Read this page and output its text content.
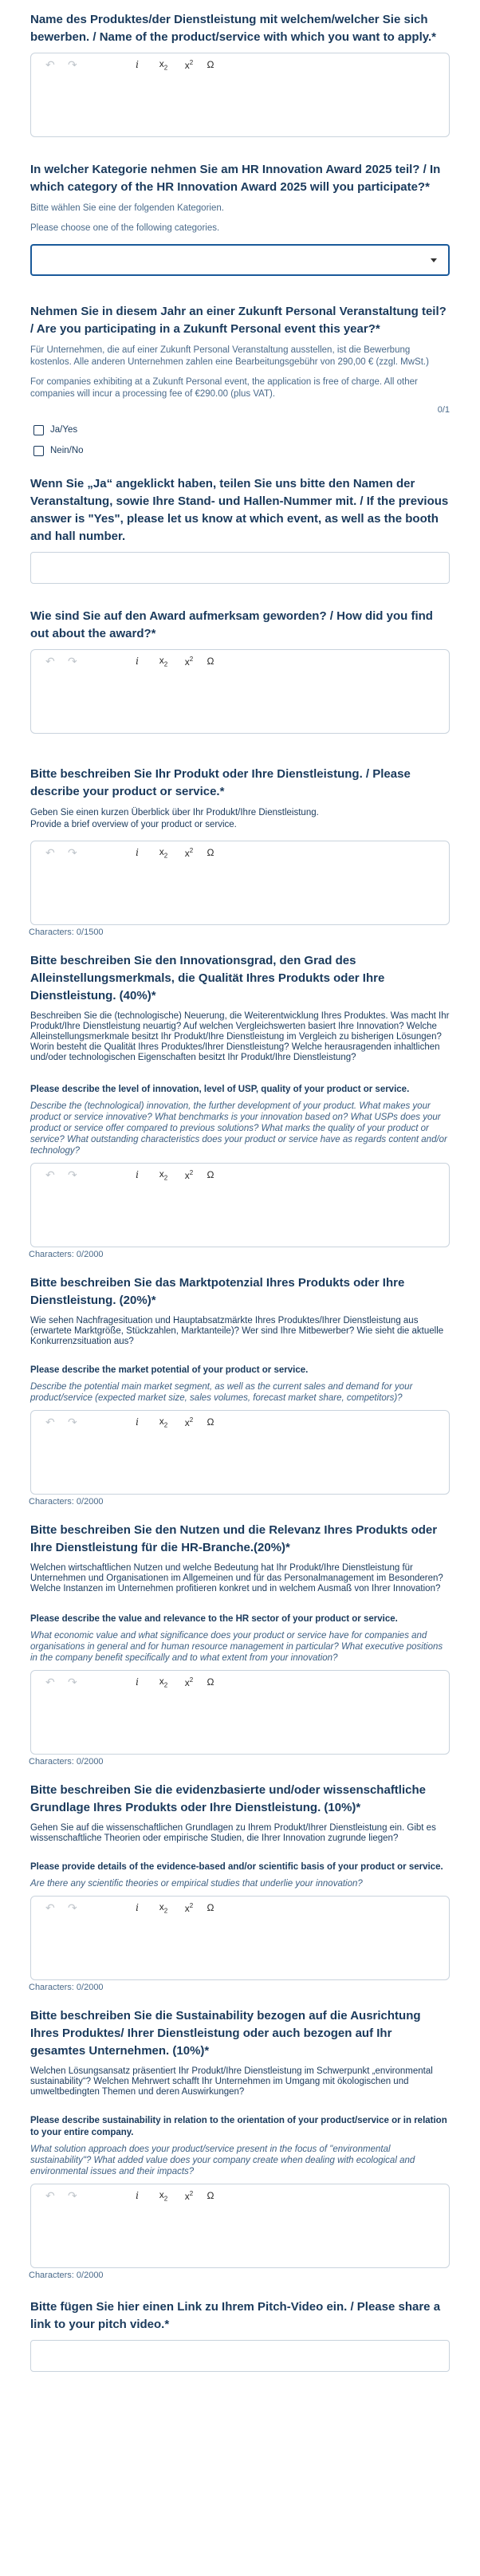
Name des Produktes/der Dienstleistung mit welchem/welcher Sie sich bewerben. / Name of the product/service with which you want to apply.*
↶	↷	i	$x_2$	$x^2$	Ω
In welcher Kategorie nehmen Sie am HR Innovation Award 2025 teil? / In which category of the HR Innovation Award 2025 will you participate?*
Bitte wählen Sie eine der folgenden Kategorien.
Please choose one of the following categories.
Nehmen Sie in diesem Jahr an einer Zukunft Personal Veranstaltung teil? / Are you participating in a Zukunft Personal event this year?*
Für Unternehmen, die auf einer Zukunft Personal Veranstaltung ausstellen, ist die Bewerbung kostenlos. Alle anderen Unternehmen zahlen eine Bearbeitungsgebühr von 290,00 € (zzgl. MwSt.)
For companies exhibiting at a Zukunft Personal event, the application is free of charge. All other companies will incur a processing fee of €290.00 (plus VAT).
0/1
Ja/Yes
Nein/No
Wenn Sie „Ja“ angeklickt haben, teilen Sie uns bitte den Namen der Veranstaltung, sowie Ihre Stand- und Hallen-Nummer mit. / If the previous answer is "Yes", please let us know at which event, as well as the booth and hall number.
Wie sind Sie auf den Award aufmerksam geworden? / How did you find out about the award?*
↶	↷	i	$x_2$	$x^2$	Ω
Bitte beschreiben Sie Ihr Produkt oder Ihre Dienstleistung. / Please describe your product or service.*
Geben Sie einen kurzen Überblick über Ihr Produkt/Ihre Dienstleistung.
Provide a brief overview of your product or service.
↶	↷	i	$x_2$	$x^2$	Ω
Characters: 0/1500
Bitte beschreiben Sie den Innovationsgrad, den Grad des Alleinstellungsmerkmals, die Qualität Ihres Produkts oder Ihre Dienstleistung. (40%)*
Beschreiben Sie die (technologische) Neuerung, die Weiterentwicklung Ihres Produktes. Was macht Ihr Produkt/Ihre Dienstleistung neuartig? Auf welchen Vergleichswerten basiert Ihre Innovation? Welche Alleinstellungsmerkmale besitzt Ihr Produkt/Ihre Dienstleistung im Vergleich zu bisherigen Lösungen? Worin besteht die Qualität Ihres Produktes/Ihrer Dienstleistung? Welche herausragenden inhaltlichen und/oder technologischen Eigenschaften besitzt Ihr Produkt/Ihre Dienstleistung?
Please describe the level of innovation, level of USP, quality of your product or service.
Describe the (technological) innovation, the further development of your product. What makes your product or service innovative? What benchmarks is your innovation based on? What USPs does your product or service offer compared to previous solutions? What marks the quality of your product or service? What outstanding characteristics does your product or service have as regards content and/or technology?
↶	↷	i	$x_2$	$x^2$	Ω
Characters: 0/2000
Bitte beschreiben Sie das Marktpotenzial Ihres Produkts oder Ihre Dienstleistung. (20%)*
Wie sehen Nachfragesituation und Hauptabsatzmärkte Ihres Produktes/Ihrer Dienstleistung aus (erwartete Marktgröße, Stückzahlen, Marktanteile)? Wer sind Ihre Mitbewerber? Wie sieht die aktuelle Konkurrenzsituation aus?
Please describe the market potential of your product or service.
Describe the potential main market segment, as well as the current sales and demand for your product/service (expected market size, sales volumes, forecast market share, competitors)?
↶	↷	i	$x_2$	$x^2$	Ω
Characters: 0/2000
Bitte beschreiben Sie den Nutzen und die Relevanz Ihres Produkts oder Ihre Dienstleistung für die HR-Branche.(20%)*
Welchen wirtschaftlichen Nutzen und welche Bedeutung hat Ihr Produkt/Ihre Dienstleistung für Unternehmen und Organisationen im Allgemeinen und für das Personalmanagement im Besonderen? Welche Instanzen im Unternehmen profitieren konkret und in welchem Ausmaß von Ihrer Innovation?
Please describe the value and relevance to the HR sector of your product or service.
What economic value and what significance does your product or service have for companies and organisations in general and for human resource management in particular? What executive positions in the company benefit specifically and to what extent from your innovation?
↶	↷	i	$x_2$	$x^2$	Ω
Characters: 0/2000
Bitte beschreiben Sie die evidenzbasierte und/oder wissenschaftliche Grundlage Ihres Produkts oder Ihre Dienstleistung. (10%)*
Gehen Sie auf die wissenschaftlichen Grundlagen zu Ihrem Produkt/Ihrer Dienstleistung ein. Gibt es wissenschaftliche Theorien oder empirische Studien, die Ihrer Innovation zugrunde liegen?
Please provide details of the evidence-based and/or scientific basis of your product or service.
Are there any scientific theories or empirical studies that underlie your innovation?
↶	↷	i	$x_2$	$x^2$	Ω
Characters: 0/2000
Bitte beschreiben Sie die Sustainability bezogen auf die Ausrichtung Ihres Produktes/ Ihrer Dienstleistung oder auch bezogen auf Ihr gesamtes Unternehmen. (10%)*
Welchen Lösungsansatz präsentiert Ihr Produkt/Ihre Dienstleistung im Schwerpunkt „environmental sustainability“? Welchen Mehrwert schafft Ihr Unternehmen im Umgang mit ökologischen und umweltbedingten Themen und deren Auswirkungen?
Please describe sustainability in relation to the orientation of your product/service or in relation to your entire company.
What solution approach does your product/service present in the focus of "environmental sustainability"? What added value does your company create when dealing with ecological and environmental issues and their impacts?
↶	↷	i	$x_2$	$x^2$	Ω
Characters: 0/2000
Bitte fügen Sie hier einen Link zu Ihrem Pitch-Video ein. / Please share a link to your pitch video.*
